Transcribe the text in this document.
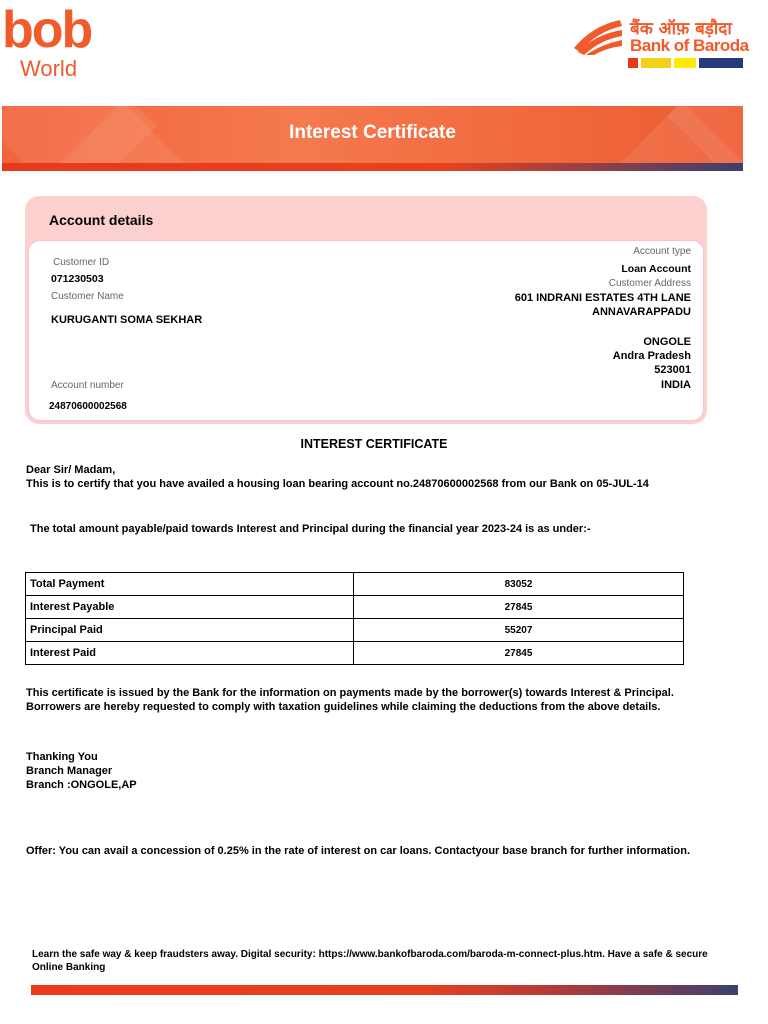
bob
World
बैंक ऑफ़ बड़ौदा
Bank of Baroda
Interest Certificate
Account details
Customer ID
071230503
Customer Name
KURUGANTI SOMA SEKHAR
Account number
24870600002568
Account type
Loan Account
Customer Address
601 INDRANI ESTATES 4TH LANE
ANNAVARAPPADU
ONGOLE
Andra Pradesh
523001
INDIA
INTEREST CERTIFICATE
Dear Sir/ Madam,
This is to certify that you have availed a housing loan bearing account no.24870600002568 from our Bank on 05-JUL-14
The total amount payable/paid towards Interest and Principal during the financial year 2023-24 is as under:-
Total Payment	83052
Interest Payable	27845
Principal Paid	55207
Interest Paid	27845
This certificate is issued by the Bank for the information on payments made by the borrower(s) towards Interest & Principal.
Borrowers are hereby requested to comply with taxation guidelines while claiming the deductions from the above details.
Thanking You
Branch Manager
Branch :ONGOLE,AP
Offer: You can avail a concession of 0.25% in the rate of interest on car loans. Contactyour base branch for further information.
Learn the safe way & keep fraudsters away. Digital security: https://www.bankofbaroda.com/baroda-m-connect-plus.htm. Have a safe & secure
Online Banking
